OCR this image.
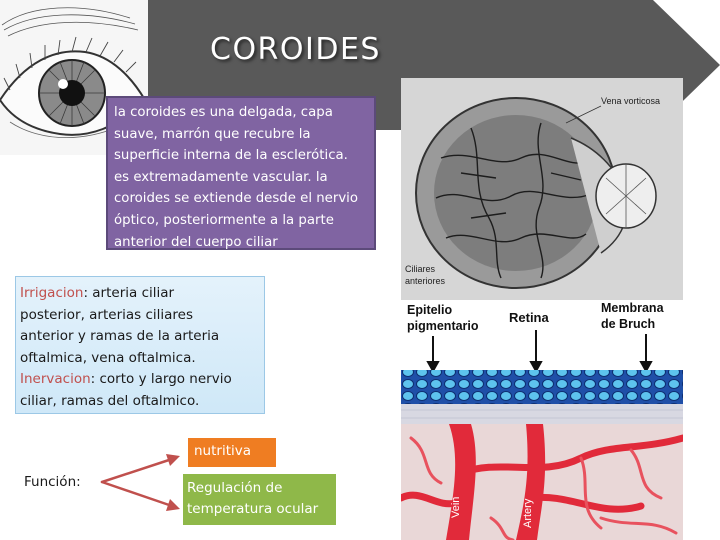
COROIDES
la coroides es una delgada, capa
suave, marrón que recubre la
superficie interna de la esclerótica.
es extremadamente vascular. la
coroides se extiende desde el nervio
óptico, posteriormente a la parte
anterior del cuerpo ciliar
Vena vorticosa
Ciliares
anteriores
Epitelio
pigmentario
Retina
Membrana
de Bruch
Vein	Artery
Irrigacion: arteria ciliar
posterior, arterias ciliares
anterior y ramas de la arteria
oftalmica, vena oftalmica.
Inervacion: corto y largo nervio
ciliar, ramas del oftalmico.
Función:
nutritiva
Regulación de
temperatura ocular
